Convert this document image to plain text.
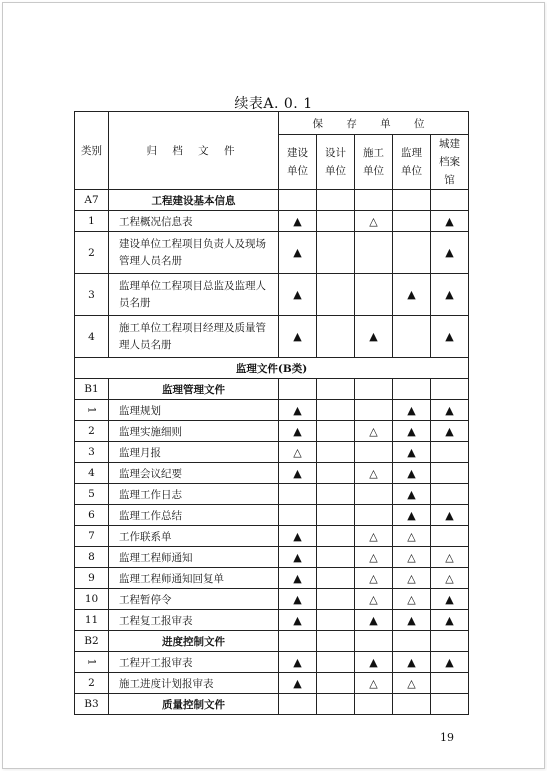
续表A. 0. 1
类别	归 档 文 件	保 存 单 位				
		建设单位	设计单位	施工单位	监理单位	城建档案馆
A7	工程建设基本信息					
1	工程概况信息表	▲		△		▲
2	建设单位工程项目负责人及现场管理人员名册	▲				▲
3	监理单位工程项目总监及监理人员名册	▲			▲	▲
4	施工单位工程项目经理及质量管理人员名册	▲		▲		▲
监理文件(B类)						
B1	监理管理文件					
1	监理规划	▲			▲	▲
2	监理实施细则	▲		△	▲	▲
3	监理月报	△			▲	
4	监理会议纪要	▲		△	▲	
5	监理工作日志				▲	
6	监理工作总结				▲	▲
7	工作联系单	▲		△	△	
8	监理工程师通知	▲		△	△	△
9	监理工程师通知回复单	▲		△	△	△
10	工程暂停令	▲		△	△	▲
11	工程复工报审表	▲		▲	▲	▲
B2	进度控制文件					
1	工程开工报审表	▲		▲	▲	▲
2	施工进度计划报审表	▲		△	△	
B3	质量控制文件					
19
